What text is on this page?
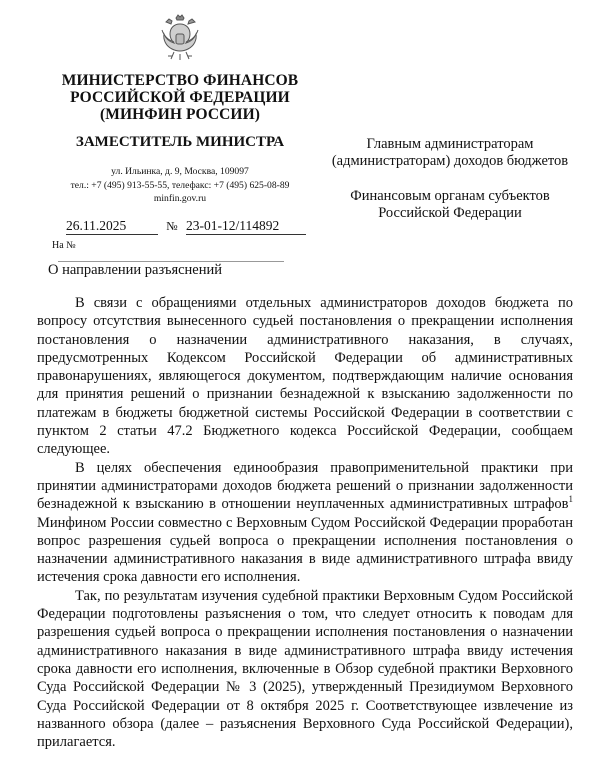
МИНИСТЕРСТВО ФИНАНСОВ
РОССИЙСКОЙ ФЕДЕРАЦИИ
(МИНФИН РОССИИ)
ЗАМЕСТИТЕЛЬ МИНИСТРА
ул. Ильинка, д. 9, Москва, 109097
тел.: +7 (495) 913-55-55, телефакс: +7 (495) 625-08-89
minfin.gov.ru
26.11.2025	№ 23-01-12/114892
На №
О направлении разъяснений
Главным администраторам
(администраторам) доходов бюджетов
Финансовым органам субъектов
Российской Федерации

В связи с обращениями отдельных администраторов доходов бюджета по вопросу отсутствия вынесенного судьей постановления о прекращении исполнения постановления о назначении административного наказания, в случаях, предусмотренных Кодексом Российской Федерации об административных правонарушениях, являющегося документом, подтверждающим наличие основания для принятия решений о признании безнадежной к взысканию задолженности по платежам в бюджеты бюджетной системы Российской Федерации в соответствии с пунктом 2 статьи 47.2 Бюджетного кодекса Российской Федерации, сообщаем следующее.

В целях обеспечения единообразия правоприменительной практики при принятии администраторами доходов бюджета решений о признании задолженности безнадежной к взысканию в отношении неуплаченных административных штрафов$^1$ Минфином России совместно с Верховным Судом Российской Федерации проработан вопрос разрешения судьей вопроса о прекращении исполнения постановления о назначении административного наказания в виде административного штрафа ввиду истечения срока давности его исполнения.

Так, по результатам изучения судебной практики Верховным Судом Российской Федерации подготовлены разъяснения о том, что следует относить к поводам для разрешения судьей вопроса о прекращении исполнения постановления о назначении административного наказания в виде административного штрафа ввиду истечения срока давности его исполнения, включенные в Обзор судебной практики Верховного Суда Российской Федерации № 3 (2025), утвержденный Президиумом Верховного Суда Российской Федерации от 8 октября 2025 г. Соответствующее извлечение из названного обзора (далее – разъяснения Верховного Суда Российской Федерации), прилагается.
